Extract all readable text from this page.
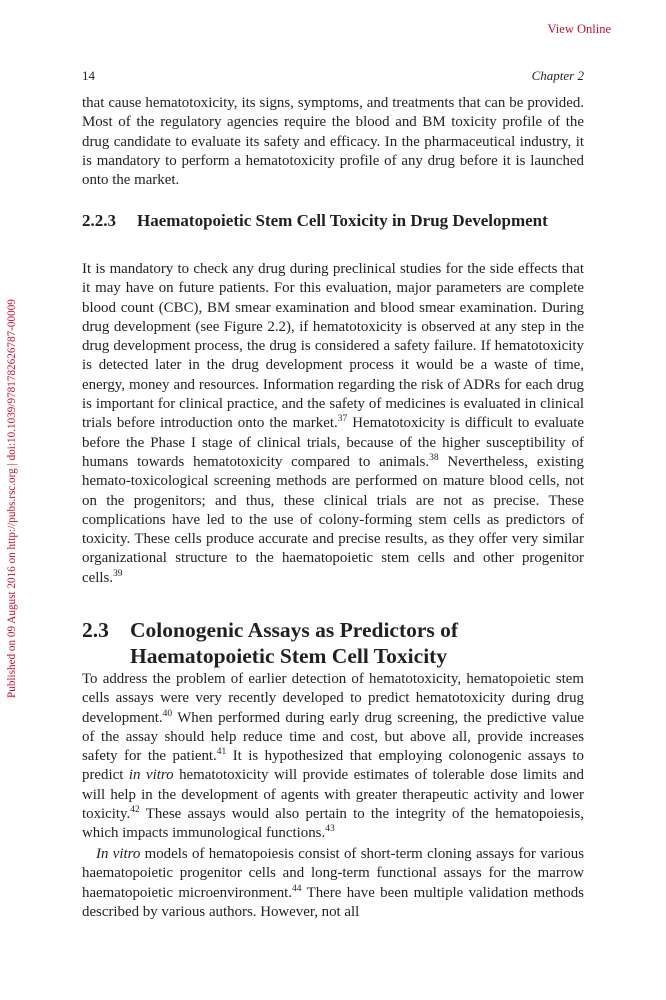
View Online
Published on 09 August 2016 on http://pubs.rsc.org | doi:10.1039/9781782626787-00009
14	Chapter 2

that cause hematotoxicity, its signs, symptoms, and treatments that can be provided. Most of the regulatory agencies require the blood and BM toxicity profile of the drug candidate to evaluate its safety and efficacy. In the pharmaceutical industry, it is mandatory to perform a hematotoxicity profile of any drug before it is launched onto the market.

2.2.3 Haematopoietic Stem Cell Toxicity in Drug Development

It is mandatory to check any drug during preclinical studies for the side effects that it may have on future patients. For this evaluation, major parameters are complete blood count (CBC), BM smear examination and blood smear examination. During drug development (see Figure 2.2), if hematotoxicity is observed at any step in the drug development process, the drug is considered a safety failure. If hematotoxicity is detected later in the drug development process it would be a waste of time, energy, money and resources. Information regarding the risk of ADRs for each drug is important for clinical practice, and the safety of medicines is evaluated in clinical trials before introduction onto the market.$^{37}$ Hematotoxicity is difficult to evaluate before the Phase I stage of clinical trials, because of the higher susceptibility of humans towards hematotoxicity compared to animals.$^{38}$ Nevertheless, existing hemato-toxicological screening methods are performed on mature blood cells, not on the progenitors; and thus, these clinical trials are not as precise. These complications have led to the use of colony-forming stem cells as predictors of toxicity. These cells produce accurate and precise results, as they offer very similar organizational structure to the haematopoietic stem cells and other progenitor cells.$^{39}$

2.3 Colonogenic Assays as Predictors of Haematopoietic Stem Cell Toxicity

To address the problem of earlier detection of hematotoxicity, hematopoietic stem cells assays were very recently developed to predict hematotoxicity during drug development.$^{40}$ When performed during early drug screening, the predictive value of the assay should help reduce time and cost, but above all, provide increases safety for the patient.$^{41}$ It is hypothesized that employing colonogenic assays to predict in vitro hematotoxicity will provide estimates of tolerable dose limits and will help in the development of agents with greater therapeutic activity and lower toxicity.$^{42}$ These assays would also pertain to the integrity of the hematopoiesis, which impacts immunological functions.$^{43}$

In vitro models of hematopoiesis consist of short-term cloning assays for various haematopoietic progenitor cells and long-term functional assays for the marrow haematopoietic microenvironment.$^{44}$ There have been multiple validation methods described by various authors. However, not all
